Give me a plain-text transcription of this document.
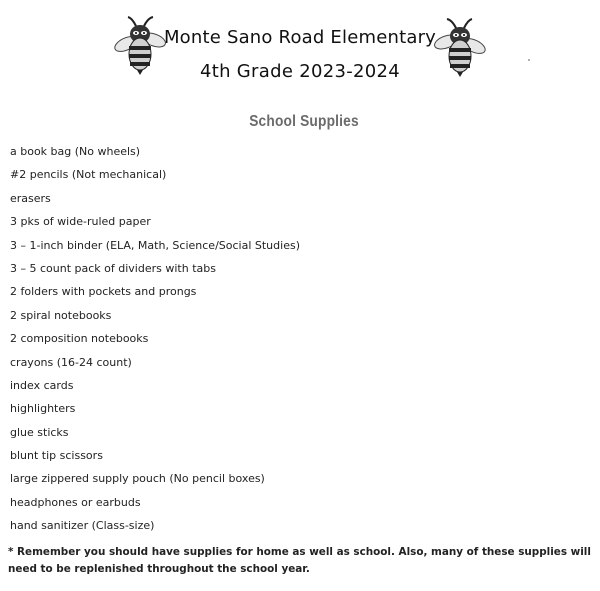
Monte Sano Road Elementary
4th Grade 2023-2024
School Supplies
a book bag (No wheels)
#2 pencils (Not mechanical)
erasers
3 pks of wide-ruled paper
3 – 1-inch binder (ELA, Math, Science/Social Studies)
3 – 5 count pack of dividers with tabs
2 folders with pockets and prongs
2 spiral notebooks
2 composition notebooks
crayons (16-24 count)
index cards
highlighters
glue sticks
blunt tip scissors
large zippered supply pouch (No pencil boxes)
headphones or earbuds
hand sanitizer (Class-size)
* Remember you should have supplies for home as well as school. Also, many of these supplies will need to be replenished throughout the school year.
